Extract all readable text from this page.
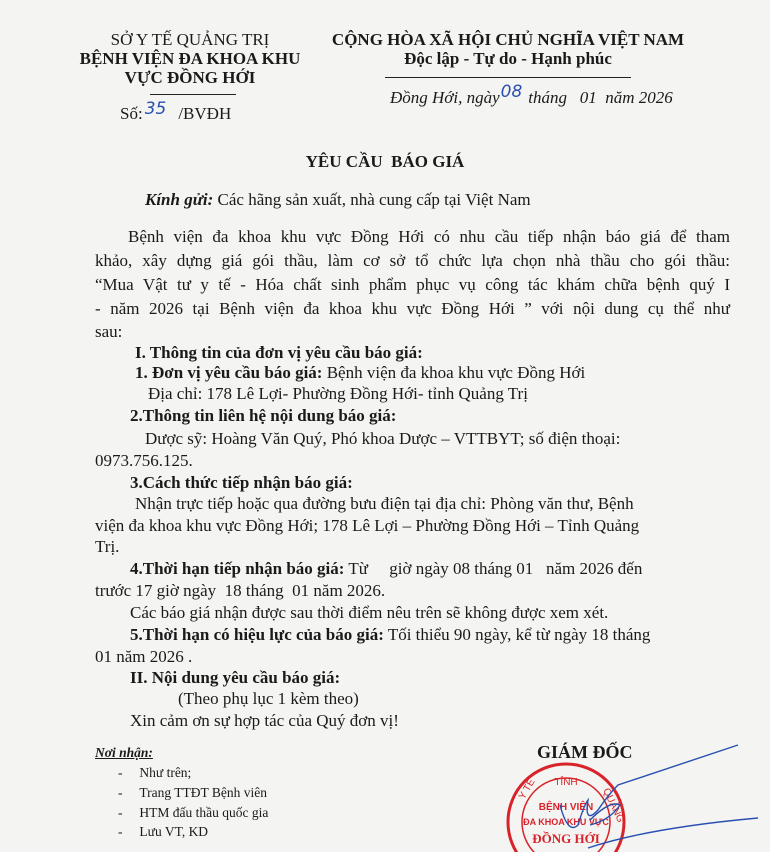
SỞ Y TẾ QUẢNG TRỊ
BỆNH VIỆN ĐA KHOA KHU
VỰC ĐỒNG HỚI
Số: 35 /BVĐH
CỘNG HÒA XÃ HỘI CHỦ NGHĨA VIỆT NAM
Độc lập - Tự do - Hạnh phúc
Đồng Hới, ngày08 tháng   01  năm 2026
YÊU CẦU  BÁO GIÁ
Kính gửi: Các hãng sản xuất, nhà cung cấp tại Việt Nam
Bệnh viện đa khoa khu vực Đồng Hới có nhu cầu tiếp nhận báo giá để tham
khảo, xây dựng giá gói thầu, làm cơ sở tổ chức lựa chọn nhà thầu cho gói thầu:
“Mua Vật tư y tế - Hóa chất sinh phẩm phục vụ công tác khám chữa bệnh quý I
- năm 2026 tại Bệnh viện đa khoa khu vực Đồng Hới ” với nội dung cụ thể như
sau:
I. Thông tin của đơn vị yêu cầu báo giá:
1. Đơn vị yêu cầu báo giá: Bệnh viện đa khoa khu vực Đồng Hới
Địa chỉ: 178 Lê Lợi- Phường Đồng Hới- tỉnh Quảng Trị
2.Thông tin liên hệ nội dung báo giá:
Dược sỹ: Hoàng Văn Quý, Phó khoa Dược – VTTBYT; số điện thoại:
0973.756.125.
3.Cách thức tiếp nhận báo giá:
Nhận trực tiếp hoặc qua đường bưu điện tại địa chỉ: Phòng văn thư, Bệnh
viện đa khoa khu vực Đồng Hới; 178 Lê Lợi – Phường Đồng Hới – Tỉnh Quảng
Trị.
4.Thời hạn tiếp nhận báo giá: Từ     giờ ngày 08 tháng 01   năm 2026 đến
trước 17 giờ ngày  18 tháng  01 năm 2026.
Các báo giá nhận được sau thời điểm nêu trên sẽ không được xem xét.
5.Thời hạn có hiệu lực của báo giá: Tối thiểu 90 ngày, kể từ ngày 18 tháng
01 năm 2026 .
II. Nội dung yêu cầu báo giá:
(Theo phụ lục 1 kèm theo)
Xin cảm ơn sự hợp tác của Quý đơn vị!
Nơi nhận:
-     Như trên;
-     Trang TTĐT Bệnh viên
-     HTM đấu thầu quốc gia
-     Lưu VT, KD
GIÁM ĐỐC
TỈNH
BỆNH VIỆN
ĐA KHOA KHU VỰC
ĐỒNG HỚI
Y TẾ	QUẢNG
